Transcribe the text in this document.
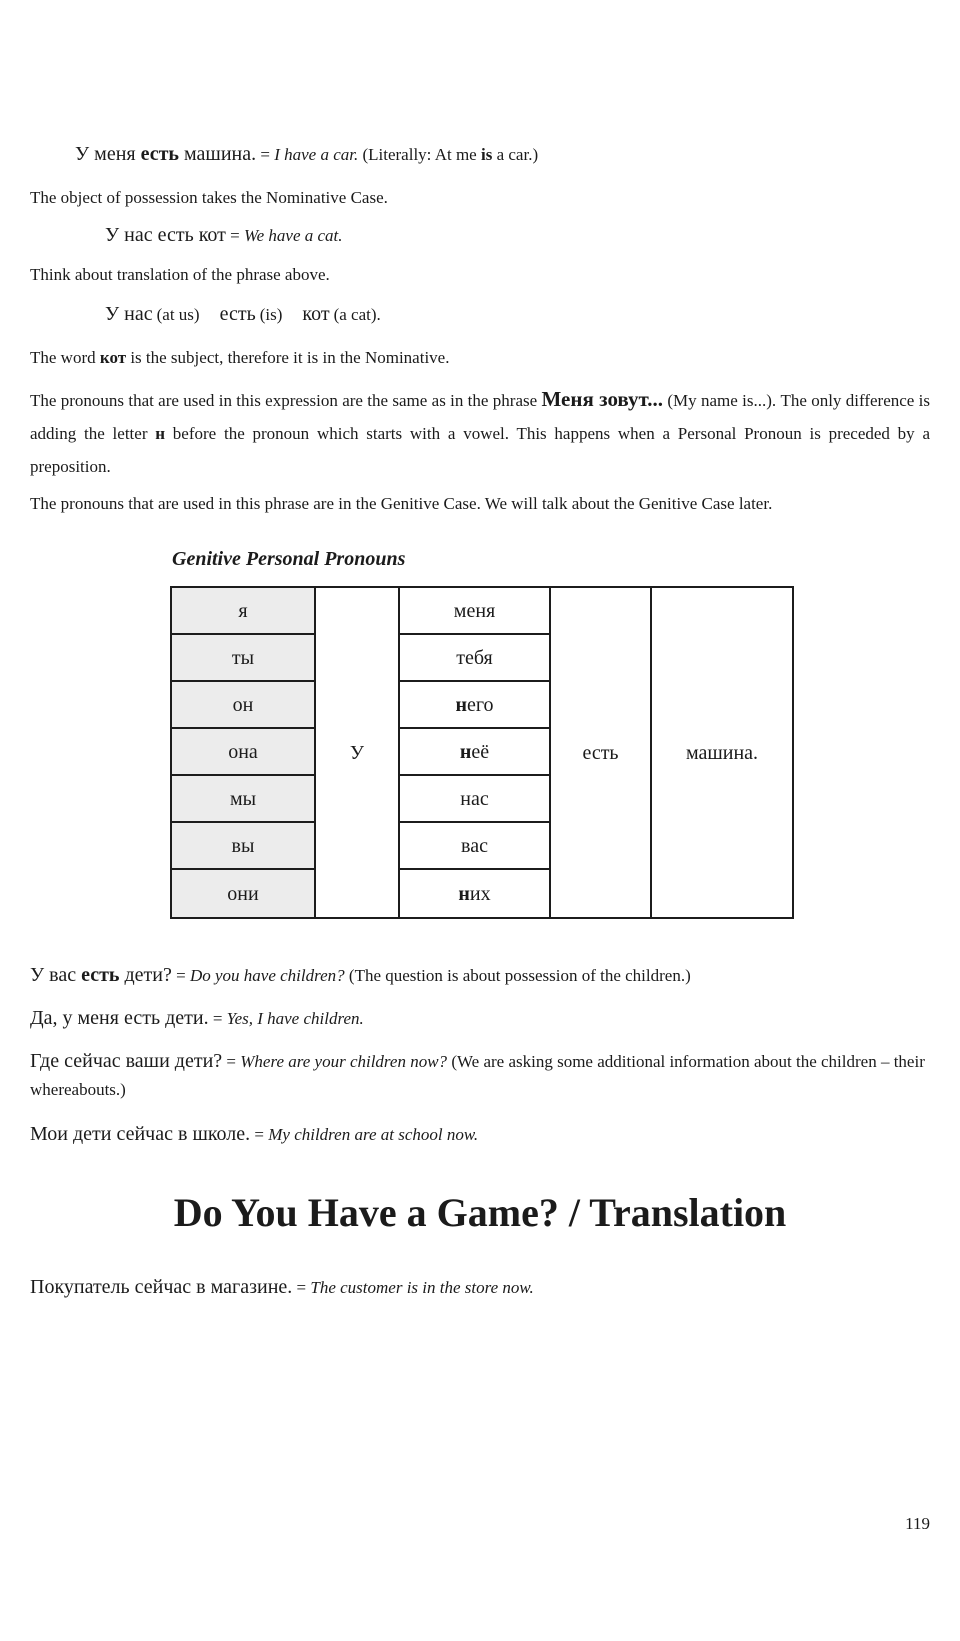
У меня есть машина. = I have a car. (Literally: At me is a car.)

The object of possession takes the Nominative Case.

У нас есть кот = We have a cat.

Think about translation of the phrase above.

У нас (at us) есть (is) кот (a cat).

The word кот is the subject, therefore it is in the Nominative.

The pronouns that are used in this expression are the same as in the phrase Меня зовут... (My name is...). The only difference is adding the letter н before the pronoun which starts with a vowel. This happens when a Personal Pronoun is preceded by a preposition.

The pronouns that are used in this phrase are in the Genitive Case. We will talk about the Genitive Case later.

Genitive Personal Pronouns
я
ты
он
она
мы
вы
они
У
меня
тебя
н его
н её
нас
вас
н их
есть	машина.

У вас есть дети? = Do you have children? (The question is about possession of the children.)

Да, у меня есть дети. = Yes, I have children.

Где сейчас ваши дети? = Where are your children now? (We are asking some additional information about the children – their whereabouts.)

Мои дети сейчас в школе. = My children are at school now.

Do You Have a Game? / Translation

Покупатель сейчас в магазине. = The customer is in the store now.

119
